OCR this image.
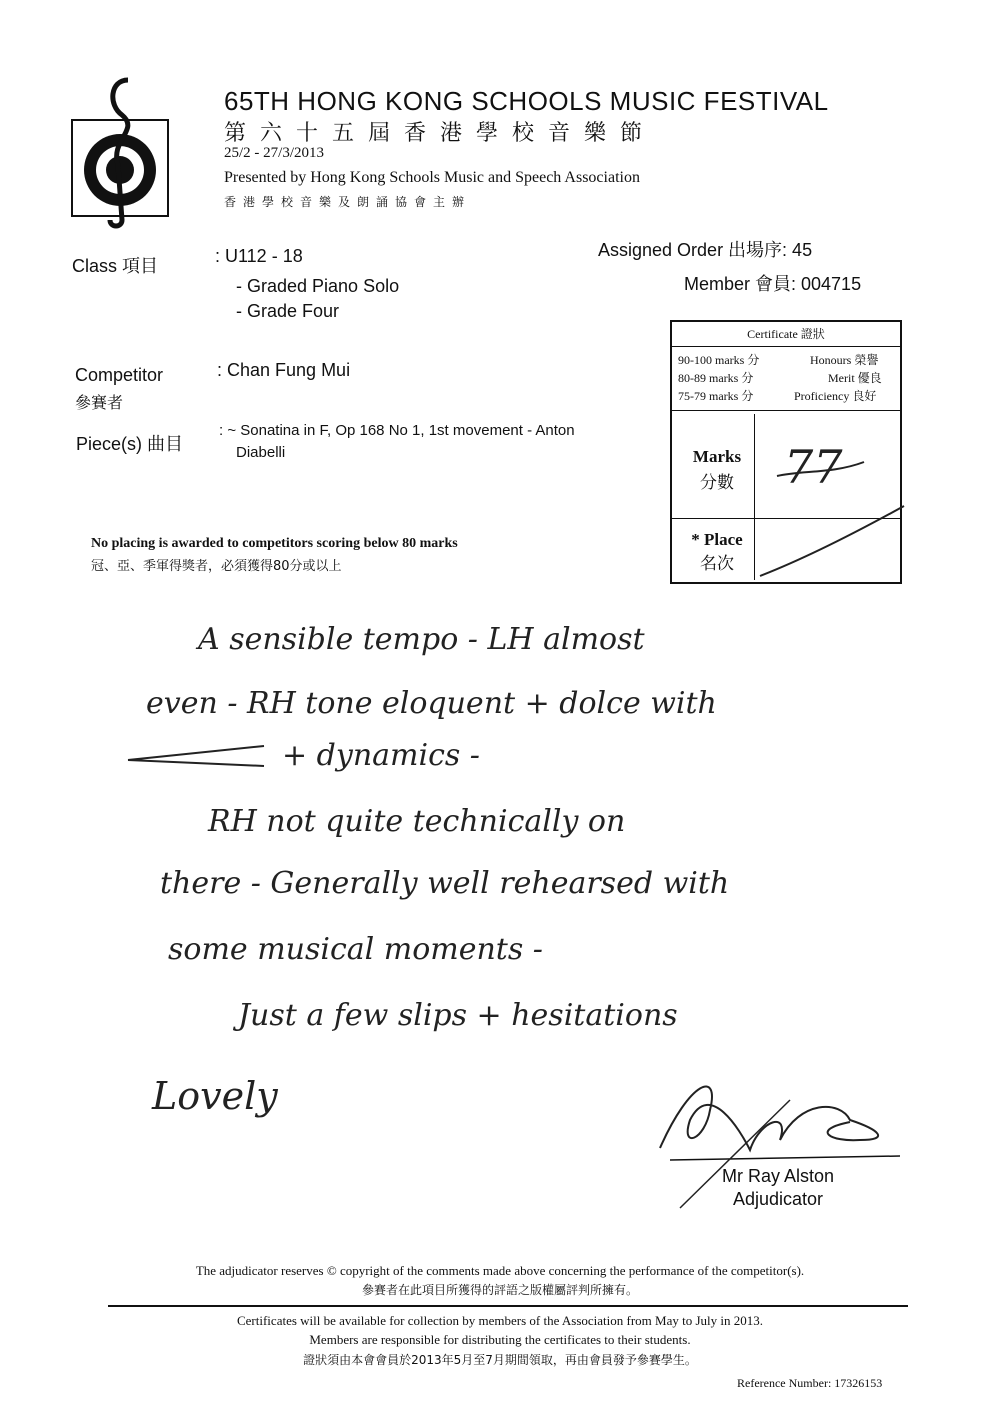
65TH HONG KONG SCHOOLS MUSIC FESTIVAL
第六十五屆香港學校音樂節
25/2 - 27/3/2013
Presented by Hong Kong Schools Music and Speech Association
香港學校音樂及朗誦協會主辦
Class 項目	: U112 - 18
- Graded Piano Solo
- Grade Four
Assigned Order 出場序: 45
Member 會員: 004715
Competitor
參賽者
: Chan Fung Mui
Piece(s) 曲目
: ~ Sonatina in F, Op 168 No 1, 1st movement - Anton
Diabelli
Certificate 證狀
90-100 marks 分	Honours 榮譽
80-89 marks 分	Merit 優良
75-79 marks 分	Proficiency 良好
Marks
分數	77
* Place
名次
No placing is awarded to competitors scoring below 80 marks
冠、亞、季軍得獎者，必須獲得80分或以上
A sensible tempo - LH almost
even - RH tone eloquent + dolce with
+ dynamics -
RH not quite technically on
there - Generally well rehearsed with
some musical moments -
Just a few slips + hesitations
Lovely
Mr Ray Alston
Adjudicator
The adjudicator reserves © copyright of the comments made above concerning the performance of the competitor(s).
參賽者在此項目所獲得的評語之版權屬評判所擁有。
Certificates will be available for collection by members of the Association from May to July in 2013.
Members are responsible for distributing the certificates to their students.
證狀須由本會會員於2013年5月至7月期間領取，再由會員發予參賽學生。
Reference Number: 17326153
